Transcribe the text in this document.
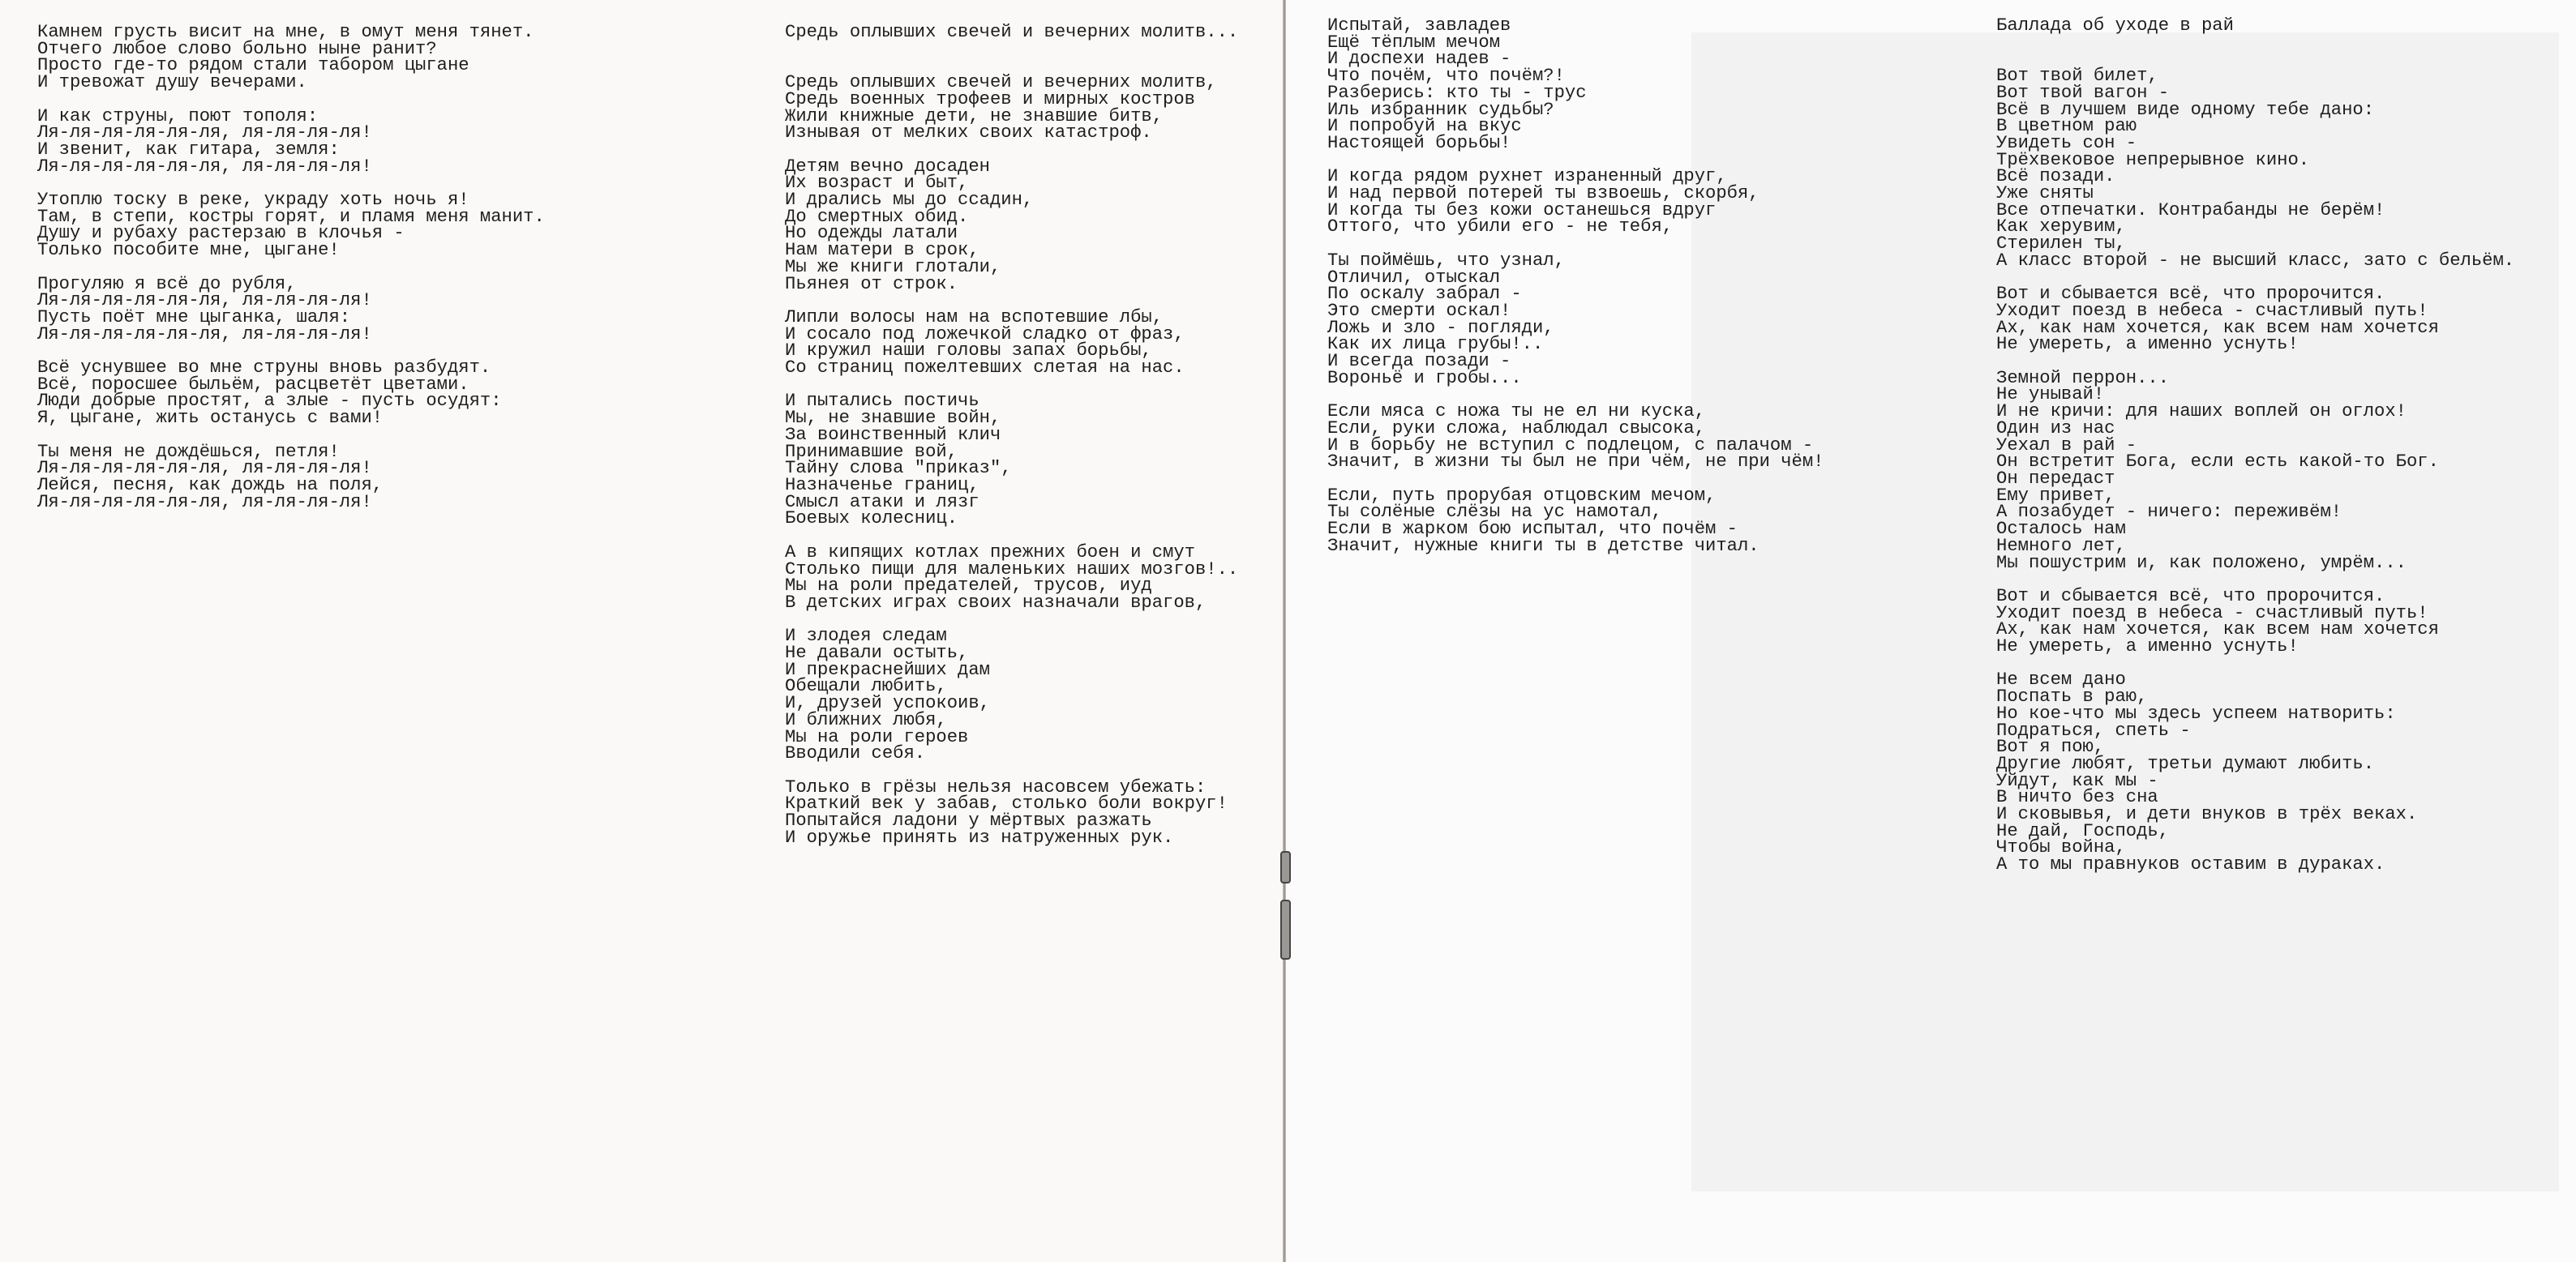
Камнем грусть висит на мне, в омут меня тянет.
Отчего любое слово больно ныне ранит?
Просто где-то рядом стали табором цыгане
И тревожат душу вечерами.

И как струны, поют тополя:
Ля-ля-ля-ля-ля-ля, ля-ля-ля-ля!
И звенит, как гитара, земля:
Ля-ля-ля-ля-ля-ля, ля-ля-ля-ля!

Утоплю тоску в реке, украду хоть ночь я!
Там, в степи, костры горят, и пламя меня манит.
Душу и рубаху растерзаю в клочья -
Только пособите мне, цыгане!

Прогуляю я всё до рубля,
Ля-ля-ля-ля-ля-ля, ля-ля-ля-ля!
Пусть поёт мне цыганка, шаля:
Ля-ля-ля-ля-ля-ля, ля-ля-ля-ля!

Всё уснувшее во мне струны вновь разбудят.
Всё, поросшее быльём, расцветёт цветами.
Люди добрые простят, а злые - пусть осудят:
Я, цыгане, жить останусь с вами!

Ты меня не дождёшься, петля!
Ля-ля-ля-ля-ля-ля, ля-ля-ля-ля!
Лейся, песня, как дождь на поля,
Ля-ля-ля-ля-ля-ля, ля-ля-ля-ля!
Средь оплывших свечей и вечерних молитв...

Средь оплывших свечей и вечерних молитв,
Средь военных трофеев и мирных костров
Жили книжные дети, не знавшие битв,
Изнывая от мелких своих катастроф.

Детям вечно досаден
Их возраст и быт,
И дрались мы до ссадин,
До смертных обид.
Но одежды латали
Нам матери в срок,
Мы же книги глотали,
Пьянея от строк.

Липли волосы нам на вспотевшие лбы,
И сосало под ложечкой сладко от фраз,
И кружил наши головы запах борьбы,
Со страниц пожелтевших слетая на нас.

И пытались постичь
Мы, не знавшие войн,
За воинственный клич
Принимавшие вой,
Тайну слова "приказ",
Назначенье границ,
Смысл атаки и лязг
Боевых колесниц.

А в кипящих котлах прежних боен и смут
Столько пищи для маленьких наших мозгов!..
Мы на роли предателей, трусов, иуд
В детских играх своих назначали врагов,

И злодея следам
Не давали остыть,
И прекраснейших дам
Обещали любить,
И, друзей успокоив,
И ближних любя,
Мы на роли героев
Вводили себя.

Только в грёзы нельзя насовсем убежать:
Краткий век у забав, столько боли вокруг!
Попытайся ладони у мёртвых разжать
И оружье принять из натруженных рук.
Испытай, завладев
Ещё тёплым мечом
И доспехи надев -
Что почём, что почём?!
Разберись: кто ты - трус
Иль избранник судьбы?
И попробуй на вкус
Настоящей борьбы!

И когда рядом рухнет израненный друг,
И над первой потерей ты взвоешь, скорбя,
И когда ты без кожи останешься вдруг
Оттого, что убили его - не тебя,

Ты поймёшь, что узнал,
Отличил, отыскал
По оскалу забрал -
Это смерти оскал!
Ложь и зло - погляди,
Как их лица грубы!..
И всегда позади -
Вороньё и гробы...

Если мяса с ножа ты не ел ни куска,
Если, руки сложа, наблюдал свысока,
И в борьбу не вступил с подлецом, с палачом -
Значит, в жизни ты был не при чём, не при чём!

Если, путь прорубая отцовским мечом,
Ты солёные слёзы на ус намотал,
Если в жарком бою испытал, что почём -
Значит, нужные книги ты в детстве читал.
Баллада об уходе в рай

Вот твой билет,
Вот твой вагон -
Всё в лучшем виде одному тебе дано:
В цветном раю
Увидеть сон -
Трёхвековое непрерывное кино.
Всё позади.
Уже сняты
Все отпечатки. Контрабанды не берём!
Как херувим,
Стерилен ты,
А класс второй - не высший класс, зато с бельём.

Вот и сбывается всё, что пророчится.
Уходит поезд в небеса - счастливый путь!
Ах, как нам хочется, как всем нам хочется
Не умереть, а именно уснуть!

Земной перрон...
Не унывай!
И не кричи: для наших воплей он оглох!
Один из нас
Уехал в рай -
Он встретит Бога, если есть какой-то Бог.
Он передаст
Ему привет,
А позабудет - ничего: переживём!
Осталось нам
Немного лет,
Мы пошустрим и, как положено, умрём...

Вот и сбывается всё, что пророчится.
Уходит поезд в небеса - счастливый путь!
Ах, как нам хочется, как всем нам хочется
Не умереть, а именно уснуть!

Не всем дано
Поспать в раю,
Но кое-что мы здесь успеем натворить:
Подраться, спеть -
Вот я пою,
Другие любят, третьи думают любить.
Уйдут, как мы -
В ничто без сна
И сковывья, и дети внуков в трёх веках.
Не дай, Господь,
Чтобы война,
А то мы правнуков оставим в дураках.
